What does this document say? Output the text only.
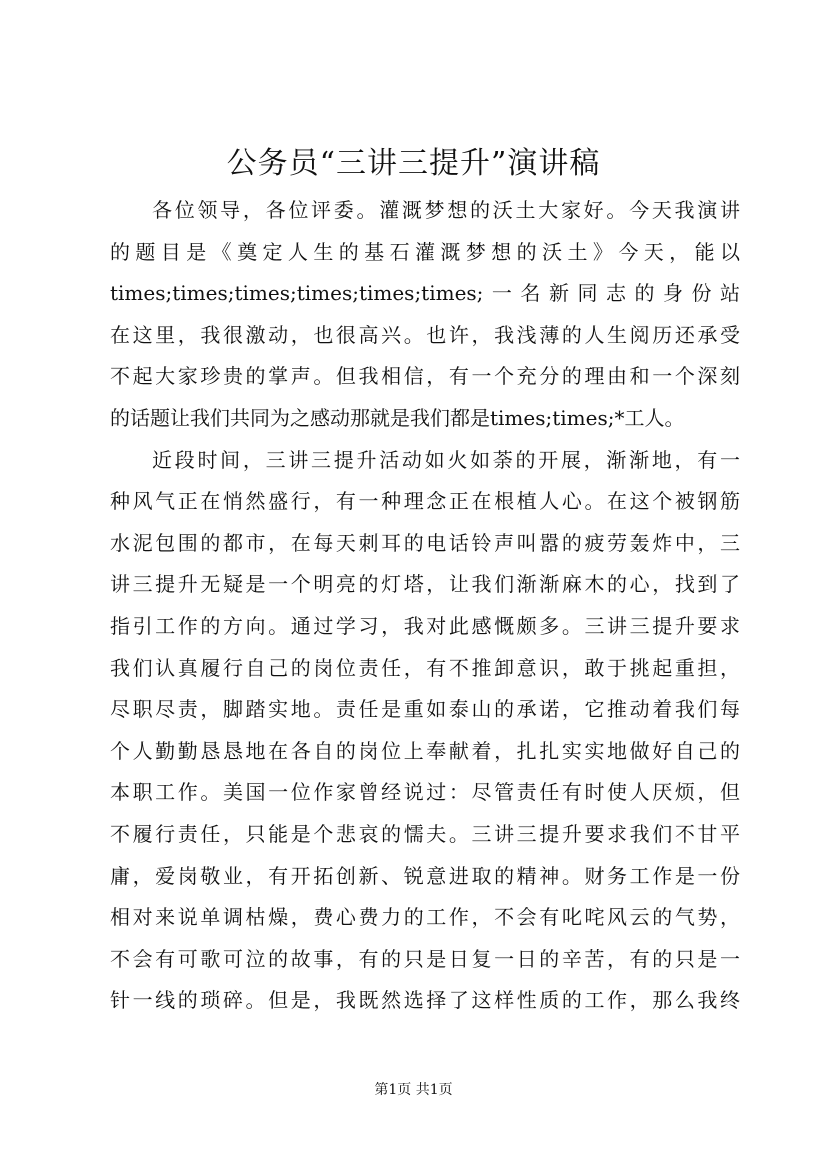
公务员“三讲三提升”演讲稿
各位领导，各位评委。灌溉梦想的沃土大家好。今天我演讲
的题目是《奠定人生的基石灌溉梦想的沃土》今天，能以
times;times;times;times;times;times;一名新同志的身份站
在这里，我很激动，也很高兴。也许，我浅薄的人生阅历还承受
不起大家珍贵的掌声。但我相信，有一个充分的理由和一个深刻
的话题让我们共同为之感动那就是我们都是times;times;*工人。
近段时间，三讲三提升活动如火如荼的开展，渐渐地，有一
种风气正在悄然盛行，有一种理念正在根植人心。在这个被钢筋
水泥包围的都市，在每天刺耳的电话铃声叫嚣的疲劳轰炸中，三
讲三提升无疑是一个明亮的灯塔，让我们渐渐麻木的心，找到了
指引工作的方向。通过学习，我对此感慨颇多。三讲三提升要求
我们认真履行自己的岗位责任，有不推卸意识，敢于挑起重担，
尽职尽责，脚踏实地。责任是重如泰山的承诺，它推动着我们每
个人勤勤恳恳地在各自的岗位上奉献着，扎扎实实地做好自己的
本职工作。美国一位作家曾经说过：尽管责任有时使人厌烦，但
不履行责任，只能是个悲哀的懦夫。三讲三提升要求我们不甘平
庸，爱岗敬业，有开拓创新、锐意进取的精神。财务工作是一份
相对来说单调枯燥，费心费力的工作，不会有叱咤风云的气势，
不会有可歌可泣的故事，有的只是日复一日的辛苦，有的只是一
针一线的琐碎。但是，我既然选择了这样性质的工作，那么我终
第1页 共1页
